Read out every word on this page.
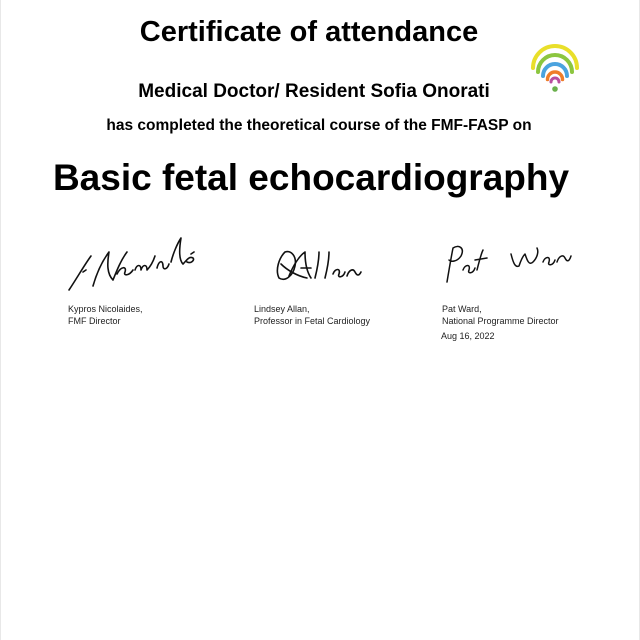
Certificate of attendance
Medical Doctor/ Resident Sofia Onorati
has completed the theoretical course of the FMF-FASP on
Basic fetal echocardiography
Kypros Nicolaides,
FMF Director
Lindsey Allan,
Professor in Fetal Cardiology
Pat Ward,
National Programme Director
Aug 16, 2022
